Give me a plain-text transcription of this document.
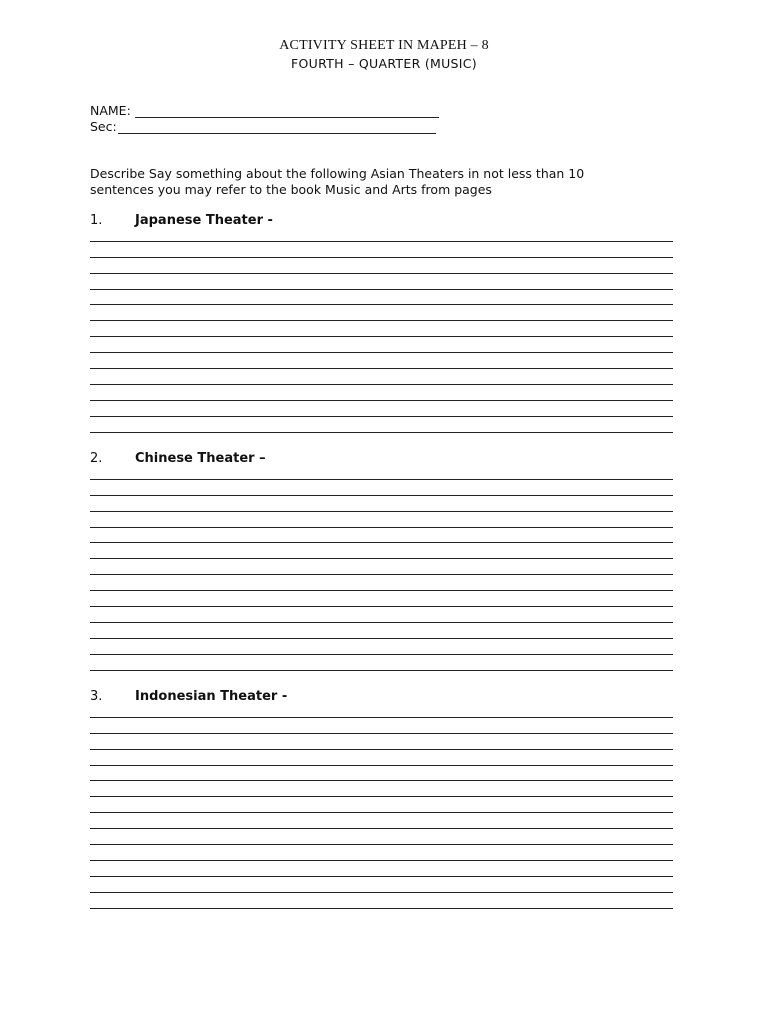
ACTIVITY SHEET IN MAPEH – 8
FOURTH – QUARTER (MUSIC)
NAME:
Sec:
Describe Say something about the following Asian Theaters in not less than 10 sentences you may refer to the book Music and Arts from pages
1.	Japanese Theater -
2.	Chinese Theater –
3.	Indonesian Theater -
